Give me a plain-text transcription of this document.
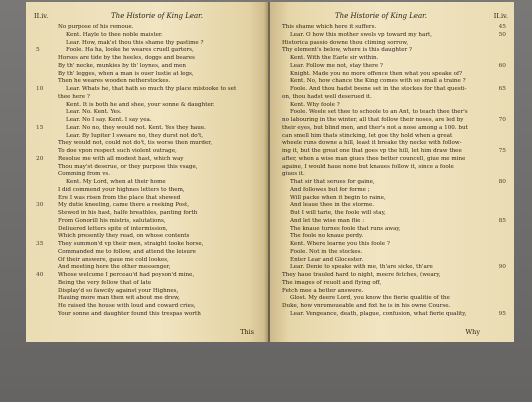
II.iv.	The Historie of King Lear.
No purpose of his remoue.
Kent. Hayle to thee noble maister.
Lear. How, mak'st thou this shame thy pastime ?
Foole. Ha ha, looke he weares cruell garters,
5
Horses are tide by the heeles, doggs and beares
By th' necke, munkies by th' loynes, and men
By th' legges, when a man is ouer lustie at legs,
Then he weares wooden netherstockes.
Lear. Whats he, that hath so much thy place mistooke to set
10
thee here ?
Kent. It is both he and shee, your sonne & daughter.
Lear. No. Kent. Yes.
Lear. No I say. Kent. I say yea.
Lear. No no, they would not. Kent. Yes they haue.
15
Lear. By Iupiter I sweare no, they durst not do't,
They would not, could not do't, tis worse then murder,
To doe vpon respect such violent outrage,
Resolue me with all modest hast, which way
20
Thou may'st deserue, or they purpose this vsage,
Comming from vs.
Kent. My Lord, when at their home
I did commend your highnes letters to them,
Ere I was risen from the place that shewed
My dutie kneeling, came there a reeking Post,
30
Stewed in his hast, halfe breathles, panting forth
From Gonorill his mistris, salutations,
Deliuered letters spite of intermission,
Which presently they read, on whose contents
They summon'd vp their men, straight tooke horse,
35
Commanded me to follow, and attend the leisure
Of their answere, gaue me cold lookes,
And meeting here the other messenger,
Whose welcome I perceau'd had poyson'd mine,
40
Being the very fellow that of late
Display'd so fawcily against your Highnes,
Hauing more man then wit about me drew,
He raised the house with loud and coward cries,
Your sonne and daughter found this trespas worth
This
II.iv.
The Historie of King Lear.
This shame which here it suffers.	45
Lear. O how this mother swels vp toward my hart,	50
Historica passio downe thou climing sorrow,
Thy element's below, where is this daughter ?
Kent. With the Earle sir within.
Lear. Follow me not, stay there ?	60
Knight. Made you no more offence then what you speake of?
Kent. No, how chance the King comes with so small a traine ?
Foole. And thou hadst beene set in the stockes for that questi-	65
on, thou hadst well deserued it.
Kent. Why foole ?
Foole. Weele set thee to schoole to an Ant, to teach thee ther's
no labouring in the winter, all that follow their noses, are led by	70
their eyes, but blind men, and ther's not a nose among a 100. but
can smell him thats stincking, let goe thy hold when a great
wheele runs downe a hill, least it breake thy necke with follow-
ing it, but the great one that goes vp the hill, let him draw thee	75
after, when a wise man giues thee better councell, giue me mine
againe, I would haue none but knaues follow it, since a foole
giues it.
That sir that serues for gaine,	80
And followes but for forme ;
Will packe when it begin to raine,
And leaue thee in the storme.
But I will tarie, the foole will stay,
And let the wise man flie :	85
The knaue turnes foole that runs away,
The foole no knaue perdy.
Kent. Where learne you this foole ?
Foole. Not in the stockes.
Enter Lear and Glocester.
Lear. Denie to speake with me, th'are sicke, th'are	90
They haue trauled hard to night, meere fetches, (weary,
The images of reuolt and flying off,
Fetch mee a better answere.
Glost. My deere Lord, you know the fierie qualitie of the
Duke, how vnremoueable and fixt he is in his owne Course.
Lear. Vengeance, death, plague, confusion, what fierie quality,	95
Why
